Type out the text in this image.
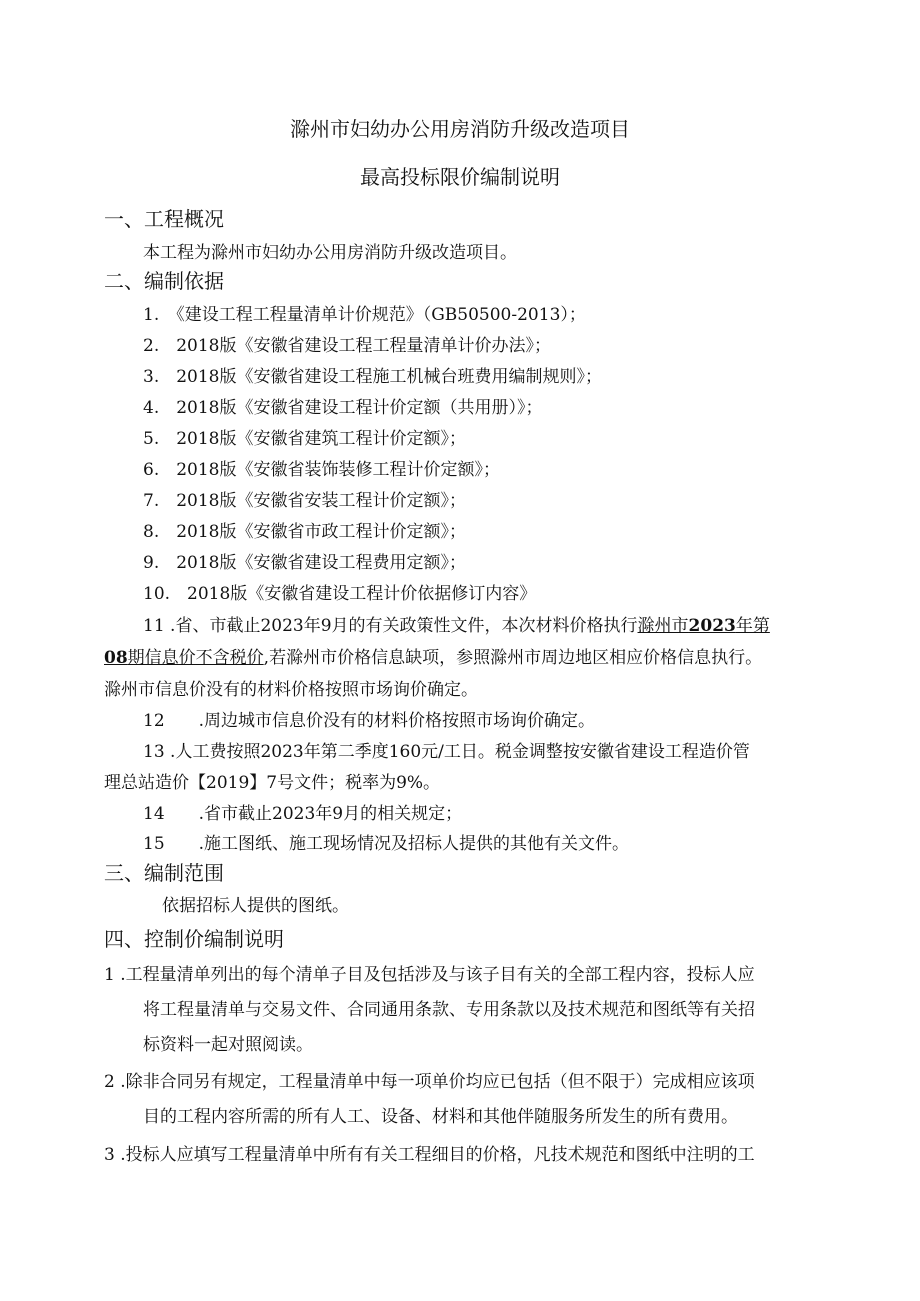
滁州市妇幼办公用房消防升级改造项目
最高投标限价编制说明
一、工程概况
本工程为滁州市妇幼办公用房消防升级改造项目。
二、编制依据
1.　《建设工程工程量清单计价规范》（GB50500-2013）；
2.　2018版《安徽省建设工程工程量清单计价办法》；
3.　2018版《安徽省建设工程施工机械台班费用编制规则》；
4.　2018版《安徽省建设工程计价定额（共用册）》；
5.　2018版《安徽省建筑工程计价定额》；
6.　2018版《安徽省装饰装修工程计价定额》；
7.　2018版《安徽省安装工程计价定额》；
8.　2018版《安徽省市政工程计价定额》；
9.　2018版《安徽省建设工程费用定额》；
10.　2018版《安徽省建设工程计价依据修订内容》
11 .省、市截止2023年9月的有关政策性文件，本次材料价格执行滁州市2023年第
08期信息价不含税价,若滁州市价格信息缺项，参照滁州市周边地区相应价格信息执行。
滁州市信息价没有的材料价格按照市场询价确定。
12　　.周边城市信息价没有的材料价格按照市场询价确定。
13 .人工费按照2023年第二季度160元/工日。税金调整按安徽省建设工程造价管
理总站造价【2019】7号文件；税率为9%。
14　　.省市截止2023年9月的相关规定；
15　　.施工图纸、施工现场情况及招标人提供的其他有关文件。
三、编制范围
依据招标人提供的图纸。
四、控制价编制说明
1 .工程量清单列出的每个清单子目及包括涉及与该子目有关的全部工程内容，投标人应
将工程量清单与交易文件、合同通用条款、专用条款以及技术规范和图纸等有关招
标资料一起对照阅读。
2 .除非合同另有规定，工程量清单中每一项单价均应已包括（但不限于）完成相应该项
目的工程内容所需的所有人工、设备、材料和其他伴随服务所发生的所有费用。
3 .投标人应填写工程量清单中所有有关工程细目的价格，凡技术规范和图纸中注明的工
